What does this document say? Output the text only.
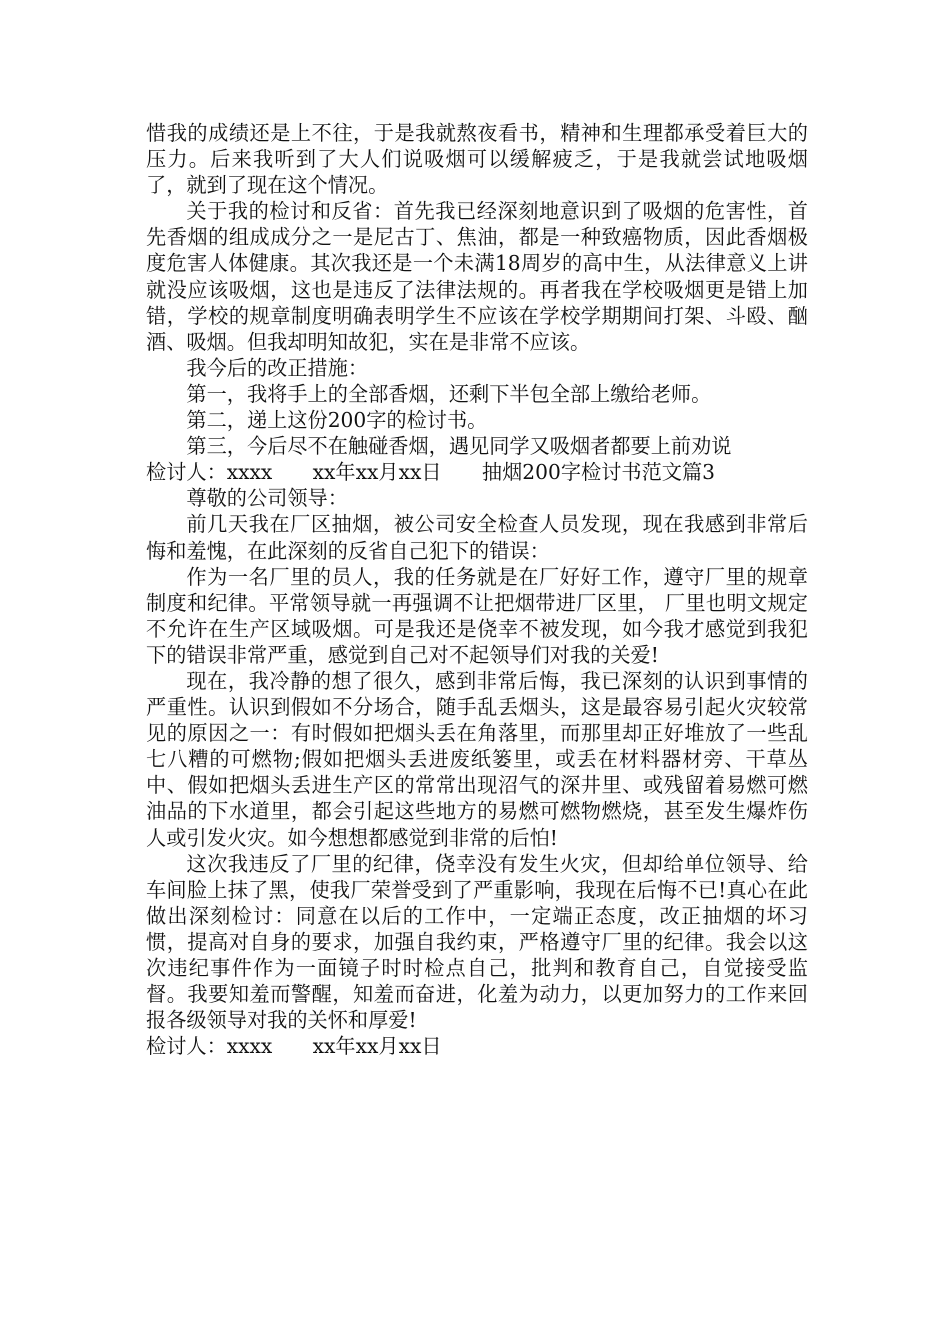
惜我的成绩还是上不往，于是我就熬夜看书，精神和生理都承受着巨大的压力。后来我听到了大人们说吸烟可以缓解疲乏，于是我就尝试地吸烟了，就到了现在这个情况。

关于我的检讨和反省：首先我已经深刻地意识到了吸烟的危害性，首先香烟的组成成分之一是尼古丁、焦油，都是一种致癌物质，因此香烟极度危害人体健康。其次我还是一个未满18周岁的高中生，从法律意义上讲就没应该吸烟，这也是违反了法律法规的。再者我在学校吸烟更是错上加错，学校的规章制度明确表明学生不应该在学校学期期间打架、斗殴、酗酒、吸烟。但我却明知故犯，实在是非常不应该。

我今后的改正措施：

第一，我将手上的全部香烟，还剩下半包全部上缴给老师。

第二，递上这份200字的检讨书。

第三，今后尽不在触碰香烟，遇见同学又吸烟者都要上前劝说

检讨人：xxxx　　xx年xx月xx日　　抽烟200字检讨书范文篇3

尊敬的公司领导：

前几天我在厂区抽烟，被公司安全检查人员发现，现在我感到非常后悔和羞愧，在此深刻的反省自己犯下的错误：

作为一名厂里的员人，我的任务就是在厂好好工作，遵守厂里的规章制度和纪律。平常领导就一再强调不让把烟带进厂区里， 厂里也明文规定不允许在生产区域吸烟。可是我还是侥幸不被发现，如今我才感觉到我犯下的错误非常严重，感觉到自己对不起领导们对我的关爱!

现在，我冷静的想了很久，感到非常后悔，我已深刻的认识到事情的严重性。认识到假如不分场合，随手乱丢烟头，这是最容易引起火灾较常见的原因之一：有时假如把烟头丢在角落里，而那里却正好堆放了一些乱七八糟的可燃物;假如把烟头丢进废纸篓里，或丢在材料器材旁、干草丛中、假如把烟头丢进生产区的常常出现沼气的深井里、或残留着易燃可燃油品的下水道里，都会引起这些地方的易燃可燃物燃烧，甚至发生爆炸伤人或引发火灾。如今想想都感觉到非常的后怕!

这次我违反了厂里的纪律，侥幸没有发生火灾，但却给单位领导、给车间脸上抹了黑，使我厂荣誉受到了严重影响，我现在后悔不已!真心在此做出深刻检讨：同意在以后的工作中，一定端正态度，改正抽烟的坏习惯，提高对自身的要求，加强自我约束，严格遵守厂里的纪律。我会以这次违纪事件作为一面镜子时时检点自己，批判和教育自己，自觉接受监督。我要知羞而警醒，知羞而奋进，化羞为动力，以更加努力的工作来回报各级领导对我的关怀和厚爱!

检讨人：xxxx　　xx年xx月xx日
